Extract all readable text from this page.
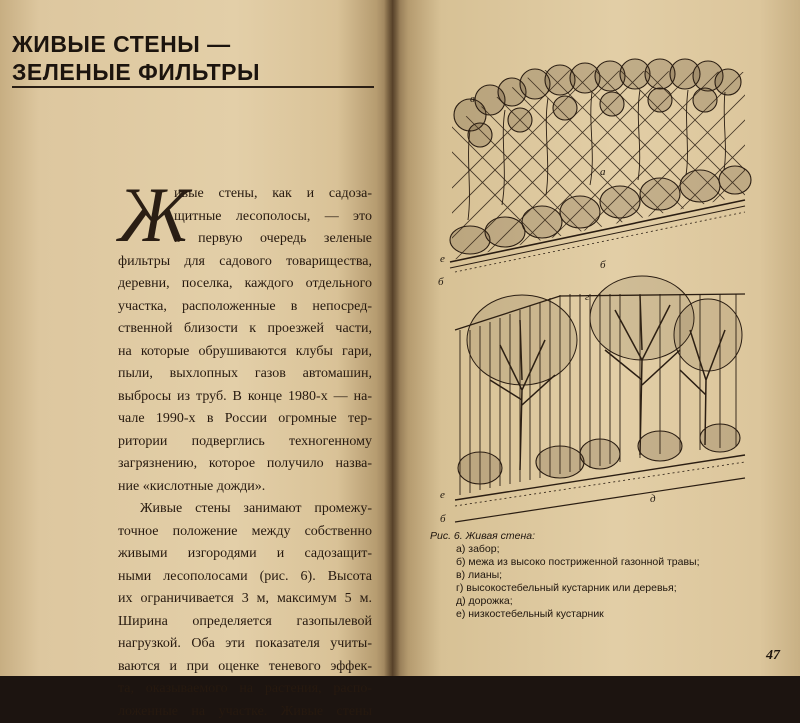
ЖИВЫЕ СТЕНЫ —
ЗЕЛЕНЫЕ ФИЛЬТРЫ
Ж
ивые стены, как и садоза-
щитные лесополосы, — это
в первую очередь зеленые
фильтры для садового товарищества,
деревни, поселка, каждого отдельного
участка, расположенные в непосред-
ственной близости к проезжей части,
на которые обрушиваются клубы гари,
пыли, выхлопных газов автомашин,
выбросы из труб. В конце 1980-х — на-
чале 1990-х в России огромные тер-
ритории подверглись техногенному
загрязнению, которое получило назва-
ние «кислотные дожди».
Живые стены занимают промежу-
точное положение между собственно
живыми изгородями и садозащит-
ными лесополосами (рис. 6). Высота
их ограничивается 3 м, максимум 5 м.
Ширина определяется газопылевой
нагрузкой. Оба эти показателя учиты-
ваются и при оценке теневого эффек-
та, оказываемого на растения, распо-
ложенные на участке. Живые стены
в
а
е
б
б
г
е
б
д
Рис. 6. Живая стена:
а) забор;
б) межа из высоко постриженной газонной травы;
в) лианы;
г) высокостебельный кустарник или деревья;
д) дорожка;
е) низкостебельный кустарник
47
